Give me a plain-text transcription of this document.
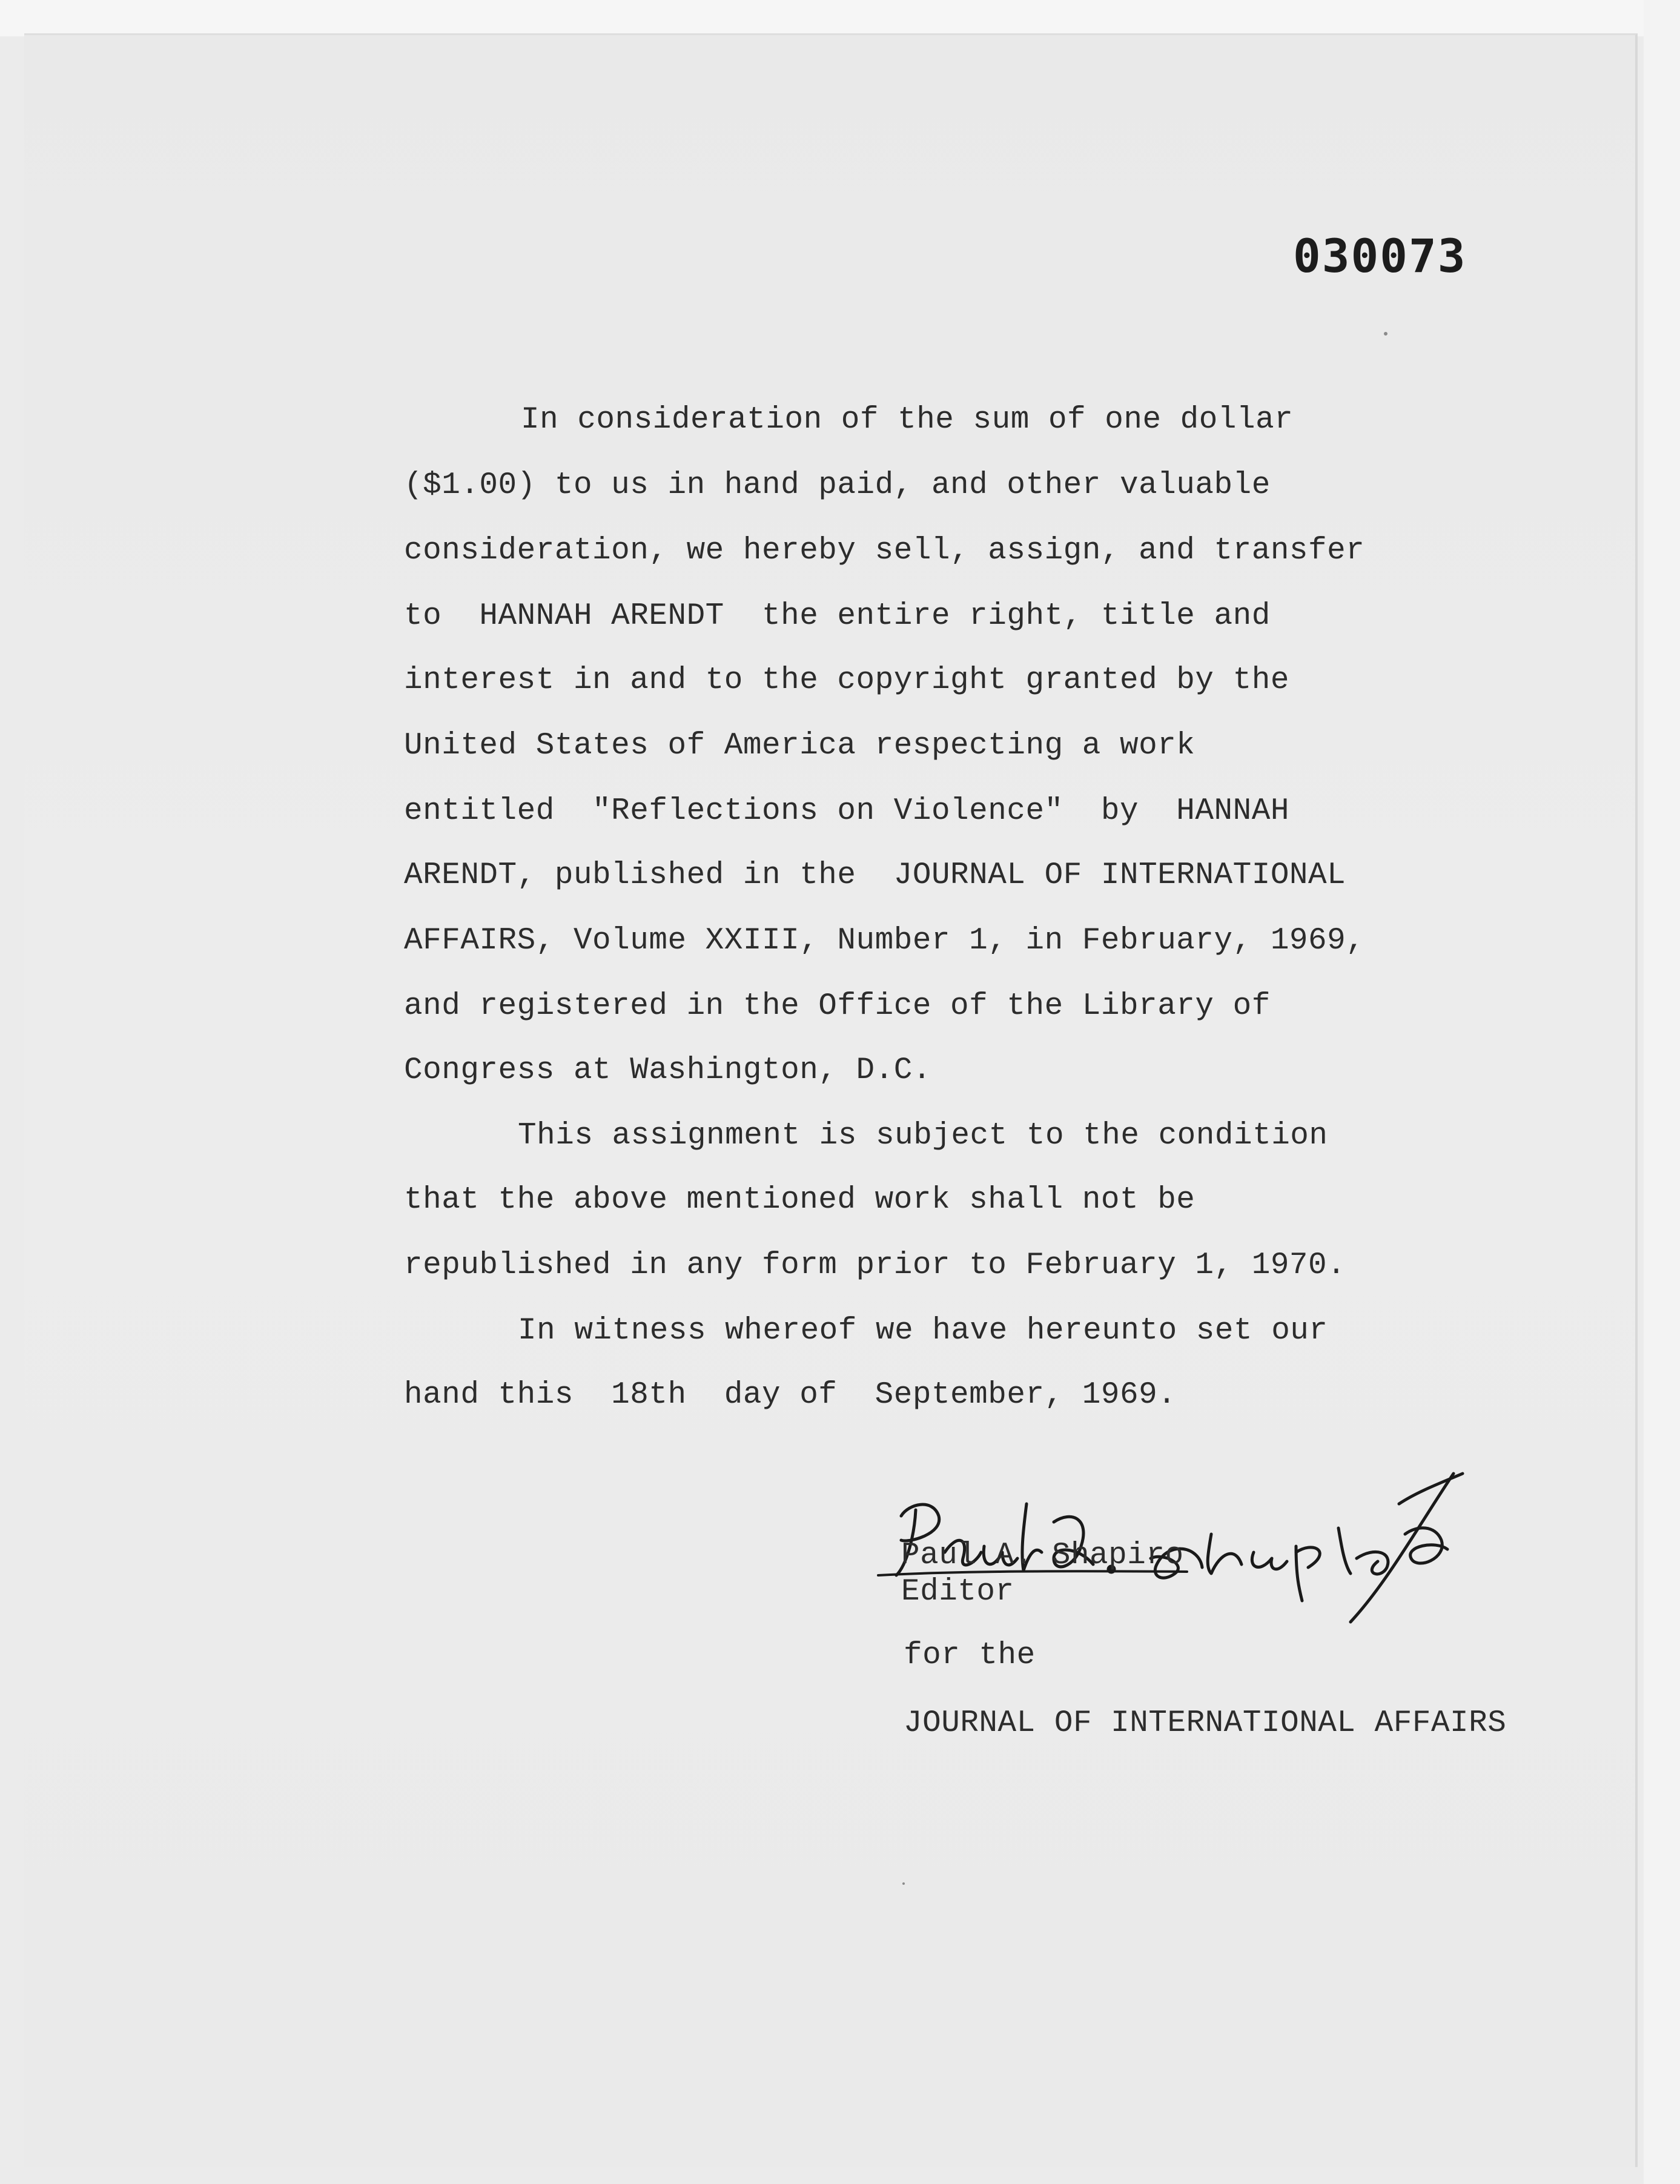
030073
In consideration of the sum of one dollar
($1.00) to us in hand paid, and other valuable
consideration, we hereby sell, assign, and transfer
to  HANNAH ARENDT  the entire right, title and
interest in and to the copyright granted by the
United States of America respecting a work
entitled  "Reflections on Violence"  by  HANNAH
ARENDT, published in the  JOURNAL OF INTERNATIONAL
AFFAIRS, Volume XXIII, Number 1, in February, 1969,
and registered in the Office of the Library of
Congress at Washington, D.C.
This assignment is subject to the condition
that the above mentioned work shall not be
republished in any form prior to February 1, 1970.
In witness whereof we have hereunto set our
hand this  18th  day of  September, 1969.
Paul A. Shapiro
Editor
for the
JOURNAL OF INTERNATIONAL AFFAIRS
